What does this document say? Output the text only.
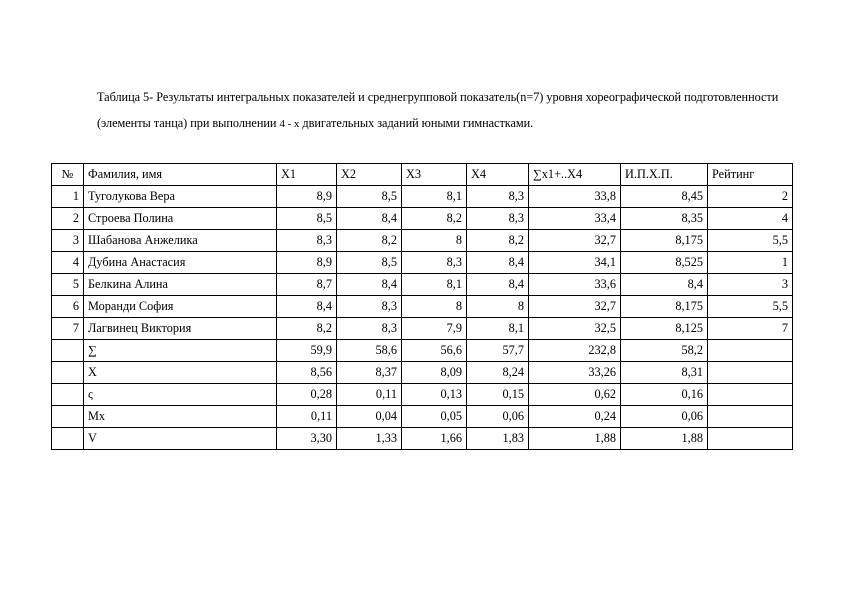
Таблица 5- Результаты интегральных показателей и среднегрупповой показатель(n=7) уровня хореографической подготовленности (элементы танца) при выполнении 4 - х двигательных заданий юными гимнастками.
№	Фамилия, имя	X1	X2	X3	X4	∑x1+..X4	И.П.Х.П.	Рейтинг
1	Туголукова Вера	8,9	8,5	8,1	8,3	33,8	8,45	2
2	Строева Полина	8,5	8,4	8,2	8,3	33,4	8,35	4
3	Шабанова Анжелика	8,3	8,2	8	8,2	32,7	8,175	5,5
4	Дубина Анастасия	8,9	8,5	8,3	8,4	34,1	8,525	1
5	Белкина Алина	8,7	8,4	8,1	8,4	33,6	8,4	3
6	Моранди София	8,4	8,3	8	8	32,7	8,175	5,5
7	Лагвинец Виктория	8,2	8,3	7,9	8,1	32,5	8,125	7
	∑	59,9	58,6	56,6	57,7	232,8	58,2	
	X	8,56	8,37	8,09	8,24	33,26	8,31	
	ς	0,28	0,11	0,13	0,15	0,62	0,16	
	Mx	0,11	0,04	0,05	0,06	0,24	0,06	
	V	3,30	1,33	1,66	1,83	1,88	1,88	
